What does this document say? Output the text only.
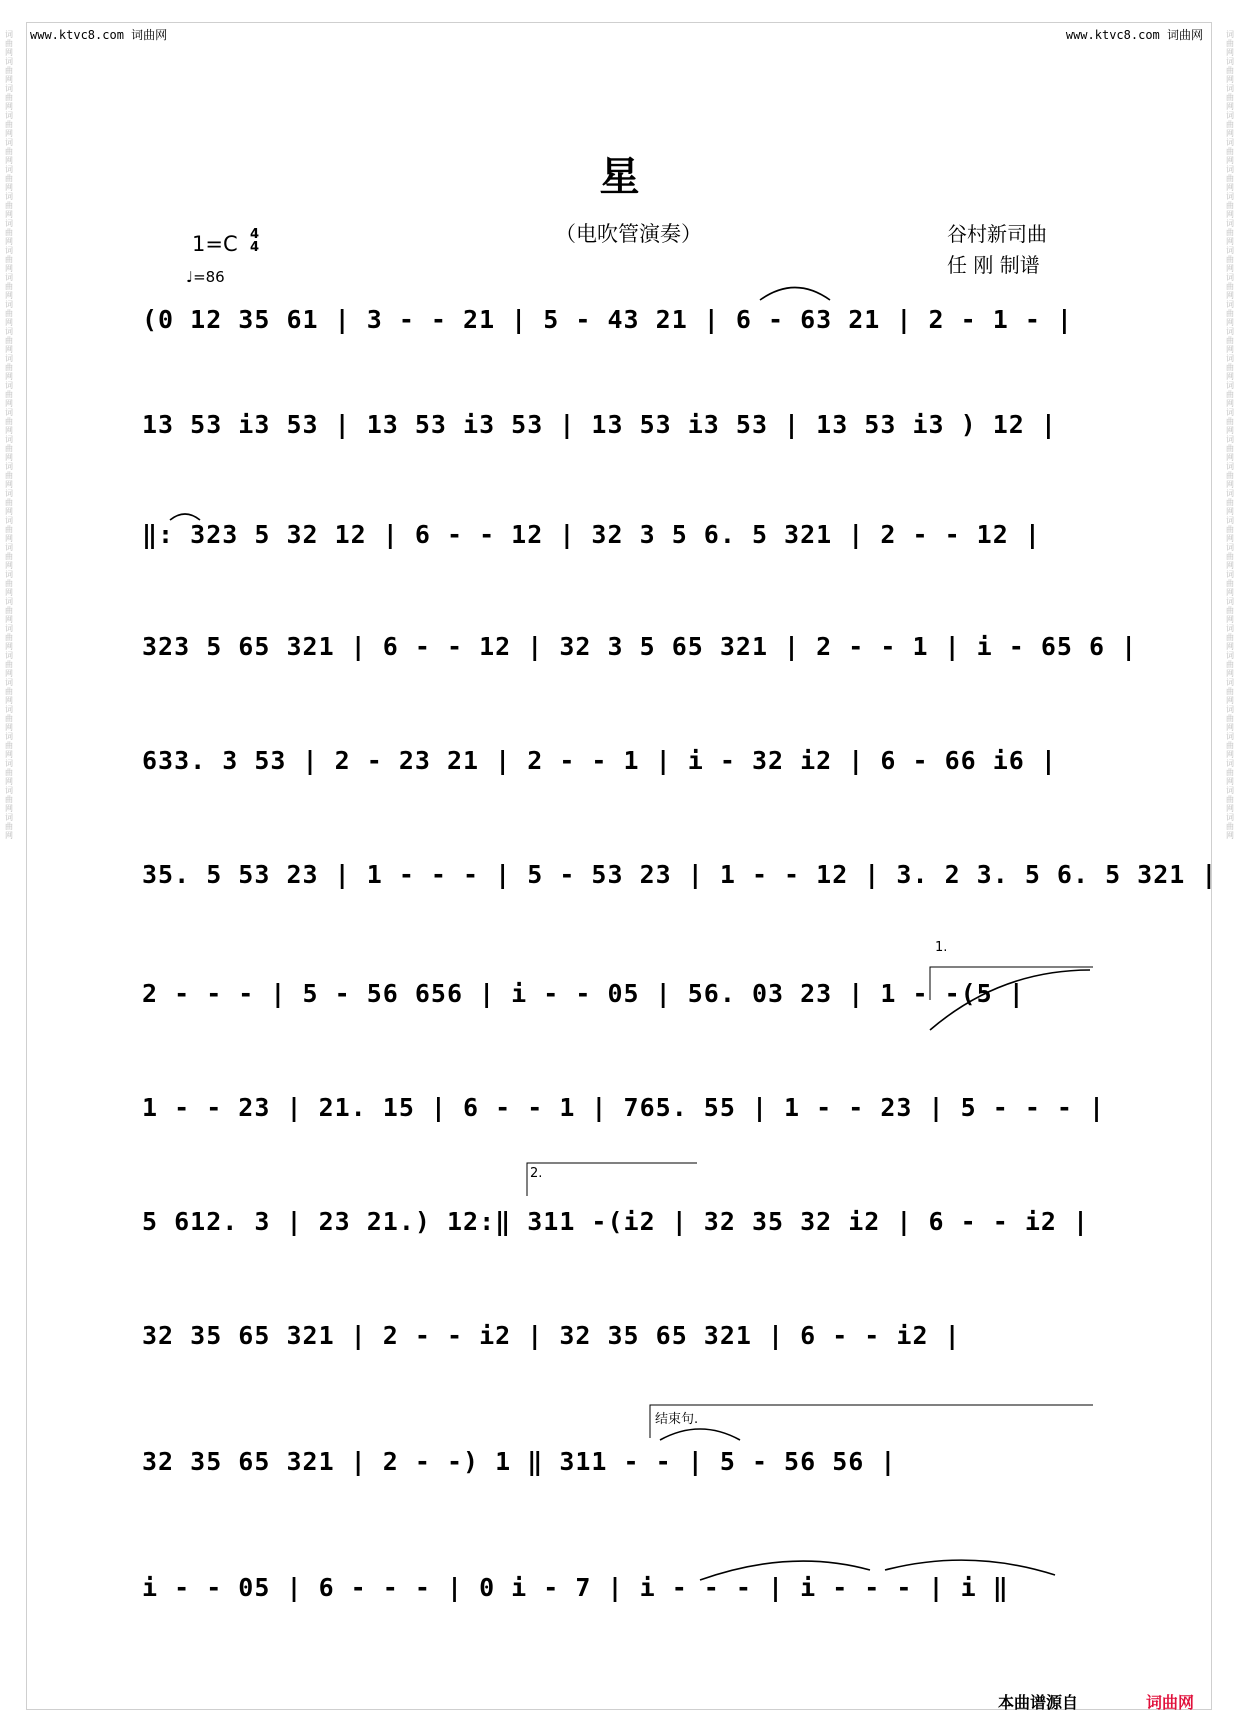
词曲网词曲网词曲网词曲网词曲网词曲网词曲网词曲网词曲网词曲网词曲网词曲网词曲网词曲网词曲网词曲网词曲网词曲网词曲网词曲网词曲网词曲网词曲网词曲网词曲网词曲网词曲网词曲网词曲网词曲网
词曲网词曲网词曲网词曲网词曲网词曲网词曲网词曲网词曲网词曲网词曲网词曲网词曲网词曲网词曲网词曲网词曲网词曲网词曲网词曲网词曲网词曲网词曲网词曲网词曲网词曲网词曲网词曲网词曲网词曲网
www.ktvc8.com 词曲网	www.ktvc8.com 词曲网
星
（电吹管演奏）	谷村新司曲
任 刚 制谱
1=C 4
4
♩=86
(0 12 35 61 | 3 - - 21 | 5 - 43 21 | 6 - 63 21 | 2 - 1 - |
13 53 i3 53 | 13 53 i3 53 | 13 53 i3 53 | 13 53 i3 ) 12 |
‖: 323 5 32 12 | 6 - - 12 | 32 3 5 6. 5 321 | 2 - - 12 |
323 5 65 321 | 6 - - 12 | 32 3 5 65 321 | 2 - - 1 | i - 65 6 |
633. 3 53 | 2 - 23 21 | 2 - - 1 | i - 32 i2 | 6 - 66 i6 |
35. 5 53 23 | 1 - - - | 5 - 53 23 | 1 - - 12 | 3. 2 3. 5 6. 5 321 |
2 - - - | 5 - 56 656 | i - - 05 | 56. 03 23 | 1 - -(5 |
1 - - 23 | 21. 15 | 6 - - 1 | 765. 55 | 1 - - 23 | 5 - - - |
5 612. 3 | 23 21.) 12:‖ 311 -(i2 | 32 35 32 i2 | 6 - - i2 |
32 35 65 321 | 2 - - i2 | 32 35 65 321 | 6 - - i2 |
32 35 65 321 | 2 - -) 1 ‖ 311 - - | 5 - 56 56 |
i - - 05 | 6 - - - | 0 i - 7 | i - - - | i - - - | i ‖
1.
2.
结束句.
本曲谱源自	词曲网
